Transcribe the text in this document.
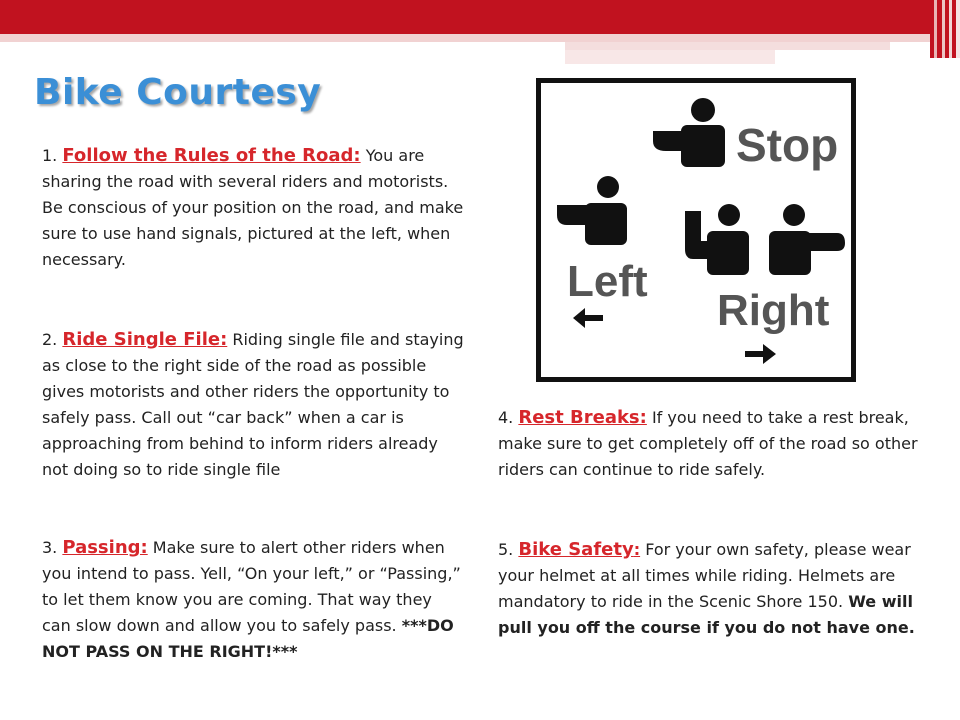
Bike Courtesy
1. Follow the Rules of the Road: You are sharing the road with several riders and motorists. Be conscious of your position on the road, and make sure to use hand signals, pictured at the left, when necessary.
2. Ride Single File: Riding single file and staying as close to the right side of the road as possible gives motorists and other riders the opportunity to safely pass. Call out “car back” when a car is approaching from behind to inform riders already not doing so to ride single file
3. Passing: Make sure to alert other riders when you intend to pass. Yell, “On your left,” or “Passing,” to let them know you are coming. That way they can slow down and allow you to safely pass. ***DO NOT PASS ON THE RIGHT!***
4. Rest Breaks: If you need to take a rest break, make sure to get completely off of the road so other riders can continue to ride safely.
5. Bike Safety: For your own safety, please wear your helmet at all times while riding. Helmets are mandatory to ride in the Scenic Shore 150. We will pull you off the course if you do not have one.
Stop
Left
Right
